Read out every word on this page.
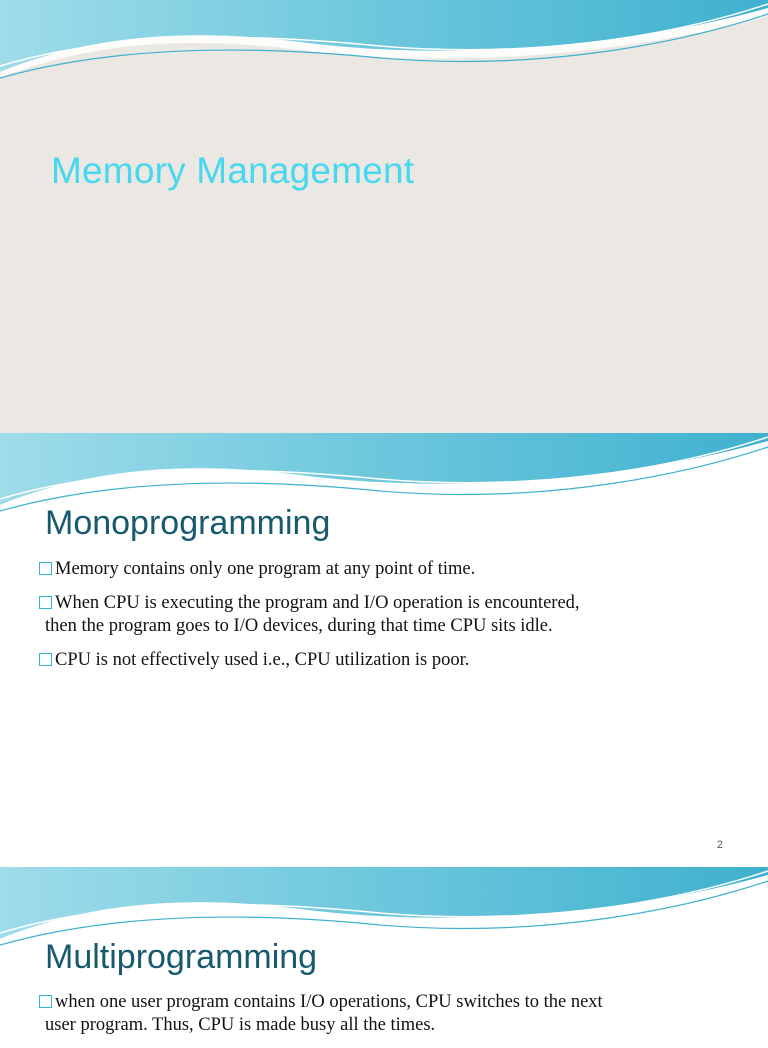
Memory Management
Monoprogramming
Memory contains only one program at any point of time.
When CPU is executing the program and I/O operation is encountered,
then the program goes to I/O devices, during that time CPU sits idle.
CPU is not effectively used i.e., CPU utilization is poor.
2
Multiprogramming
when one user program contains I/O operations, CPU switches to the next
user program. Thus, CPU is made busy all the times.
